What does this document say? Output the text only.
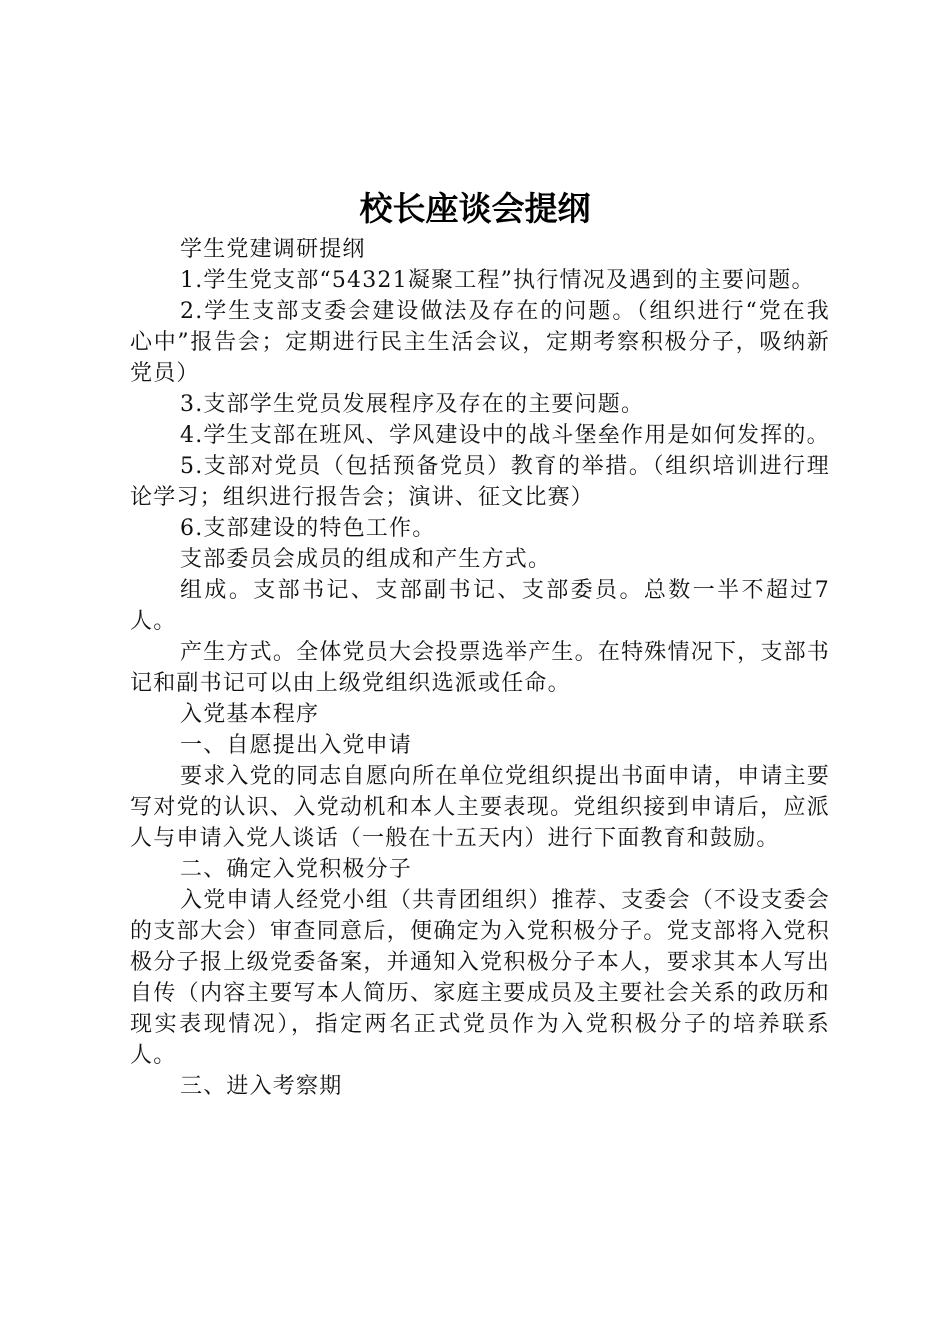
校长座谈会提纲

学生党建调研提纲

1.学生党支部“54321凝聚工程”执行情况及遇到的主要问题。

2.学生支部支委会建设做法及存在的问题。（组织进行“党在我心中”报告会；定期进行民主生活会议，定期考察积极分子，吸纳新党员）

3.支部学生党员发展程序及存在的主要问题。

4.学生支部在班风、学风建设中的战斗堡垒作用是如何发挥的。

5.支部对党员（包括预备党员）教育的举措。（组织培训进行理论学习；组织进行报告会；演讲、征文比赛）

6.支部建设的特色工作。

支部委员会成员的组成和产生方式。

组成。支部书记、支部副书记、支部委员。总数一半不超过7人。

产生方式。全体党员大会投票选举产生。在特殊情况下，支部书记和副书记可以由上级党组织选派或任命。

入党基本程序

一、自愿提出入党申请

要求入党的同志自愿向所在单位党组织提出书面申请，申请主要写对党的认识、入党动机和本人主要表现。党组织接到申请后，应派人与申请入党人谈话（一般在十五天内）进行下面教育和鼓励。

二、确定入党积极分子

入党申请人经党小组（共青团组织）推荐、支委会（不设支委会的支部大会）审查同意后，便确定为入党积极分子。党支部将入党积极分子报上级党委备案，并通知入党积极分子本人，要求其本人写出自传（内容主要写本人简历、家庭主要成员及主要社会关系的政历和现实表现情况），指定两名正式党员作为入党积极分子的培养联系人。

三、进入考察期
